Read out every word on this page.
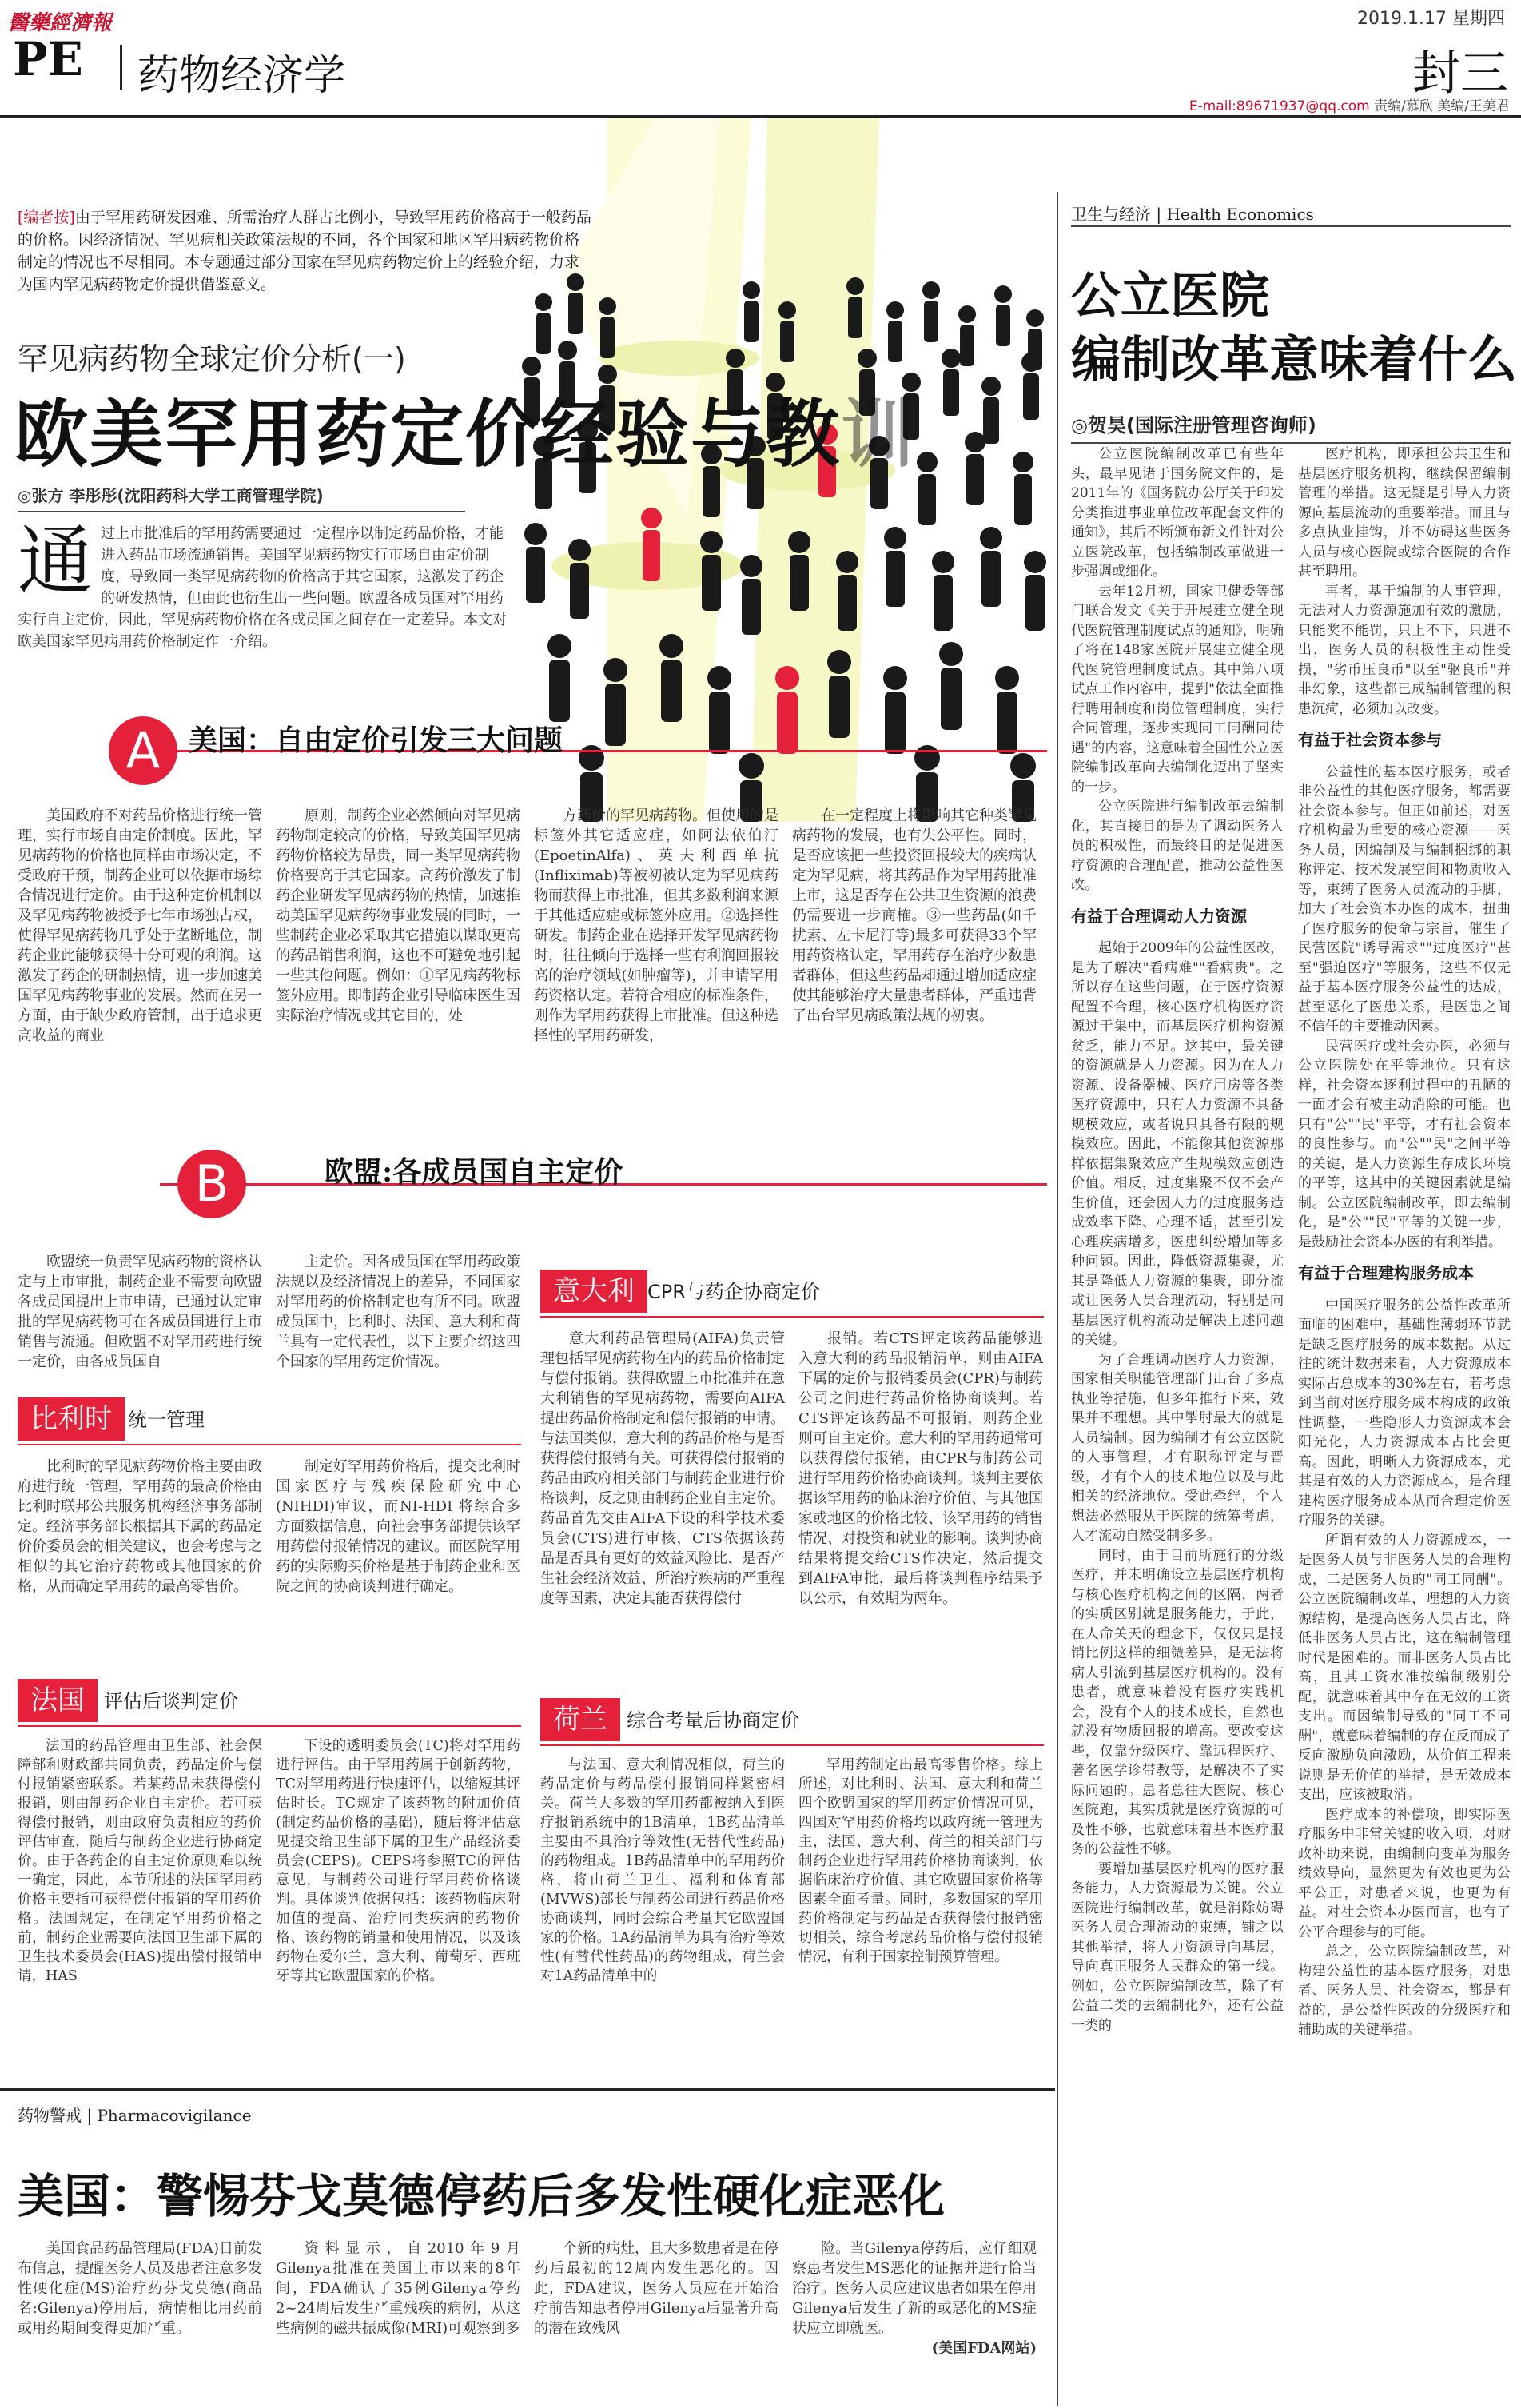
醫藥經濟報	2019.1.17 星期四
PE 药物经济学	封三
E-mail:89671937@qq.com 责编/慕欣 美编/王美君
[编者按]由于罕用药研发困难、所需治疗人群占比例小，导致罕用药价格高于一般药品的价格。因经济情况、罕见病相关政策法规的不同，各个国家和地区罕用病药物价格制定的情况也不尽相同。本专题通过部分国家在罕见病药物定价上的经验介绍，力求为国内罕见病药物定价提供借鉴意义。
罕见病药物全球定价分析(一)
欧美罕用药定价经验与教训
◎张方 李彤彤(沈阳药科大学工商管理学院)
通过上市批准后的罕用药需要通过一定程序以制定药品价格，才能进入药品市场流通销售。美国罕见病药物实行市场自由定价制度，导致同一类罕见病药物的价格高于其它国家，这激发了药企的研发热情，但由此也衍生出一些问题。欧盟各成员国对罕用药实行自主定价，因此，罕见病药物价格在各成员国之间存在一定差异。本文对欧美国家罕见病用药价格制定作一介绍。
A 美国：自由定价引发三大问题

美国政府不对药品价格进行统一管理，实行市场自由定价制度。因此，罕见病药物的价格也同样由市场决定，不受政府干预，制药企业可以依据市场综合情况进行定价。由于这种定价机制以及罕见病药物被授予七年市场独占权，使得罕见病药物几乎处于垄断地位，制药企业此能够获得十分可观的利润。这激发了药企的研制热情，进一步加速美国罕见病药物事业的发展。然而在另一方面，由于缺少政府管制，出于追求更高收益的商业

原则，制药企业必然倾向对罕见病药物制定较高的价格，导致美国罕见病药物价格较为昂贵，同一类罕见病药物价格要高于其它国家。高药价激发了制药企业研发罕见病药物的热情，加速推动美国罕见病药物事业发展的同时，一些制药企业必采取其它措施以谋取更高的药品销售利润，这也不可避免地引起一些其他问题。例如：①罕见病药物标签外应用。即制药企业引导临床医生因实际治疗情况或其它目的，处

方药价的罕见病药物。但使用的是标签外其它适应症，如阿法依伯汀(EpoetinAlfa)、英夫利西单抗(Infliximab)等被初被认定为罕见病药物而获得上市批准，但其多数利润来源于其他适应症或标签外应用。②选择性研发。制药企业在选择开发罕见病药物时，往往倾向于选择一些有利润回报较高的治疗领域(如肿瘤等)，并申请罕用药资格认定。若符合相应的标准条件，则作为罕用药获得上市批准。但这种选择性的罕用药研发，

在一定程度上将影响其它种类罕见病药物的发展，也有失公平性。同时，是否应该把一些投资回报较大的疾病认定为罕见病，将其药品作为罕用药批准上市，这是否存在公共卫生资源的浪费仍需要进一步商榷。③一些药品(如千扰素、左卡尼汀等)最多可获得33个罕用药资格认定，罕用药存在治疗少数患者群体，但这些药品却通过增加适应症使其能够治疗大量患者群体，严重违背了出台罕见病政策法规的初衷。

B	欧盟:各成员国自主定价

欧盟统一负责罕见病药物的资格认定与上市审批，制药企业不需要向欧盟各成员国提出上市申请，已通过认定审批的罕见病药物可在各成员国进行上市销售与流通。但欧盟不对罕用药进行统一定价，由各成员国自

主定价。因各成员国在罕用药政策法规以及经济情况上的差异，不同国家对罕用药的价格制定也有所不同。欧盟成员国中，比利时、法国、意大利和荷兰具有一定代表性，以下主要介绍这四个国家的罕用药定价情况。

比利时 统一管理

比利时的罕见病药物价格主要由政府进行统一管理，罕用药的最高价格由比利时联邦公共服务机构经济事务部制定。经济事务部长根据其下属的药品定价价委员会的相关建议，也会考虑与之相似的其它治疗药物或其他国家的价格，从而确定罕用药的最高零售价。

制定好罕用药价格后，提交比利时国家医疗与残疾保险研究中心(NIHDI)审议，而NI-HDI 将综合多方面数据信息，向社会事务部提供该罕用药偿付报销情况的建议。而医院罕用药的实际购买价格是基于制药企业和医院之间的协商谈判进行确定。

法国	评估后谈判定价

法国的药品管理由卫生部、社会保障部和财政部共同负责，药品定价与偿付报销紧密联系。若某药品未获得偿付报销，则由制药企业自主定价。若可获得偿付报销，则由政府负责相应的药价评估审查，随后与制药企业进行协商定价。由于各药企的自主定价原则难以统一确定，因此，本节所述的法国罕用药价格主要指可获得偿付报销的罕用药价格。法国规定，在制定罕用药价格之前，制药企业需要向法国卫生部下属的卫生技术委员会(HAS)提出偿付报销申请，HAS

下设的透明委员会(TC)将对罕用药进行评估。由于罕用药属于创新药物，TC对罕用药进行快速评估，以缩短其评估时长。TC规定了该药物的附加价值(制定药品价格的基础)，随后将评估意见提交给卫生部下属的卫生产品经济委员会(CEPS)。CEPS将参照TC的评估意见，与制药公司进行罕用药价格谈判。具体谈判依据包括：该药物临床附加值的提高、治疗同类疾病的药物价格、该药物的销量和使用情况，以及该药物在爱尔兰、意大利、葡萄牙、西班牙等其它欧盟国家的价格。

意大利 CPR与药企协商定价

意大利药品管理局(AIFA)负责管理包括罕见病药物在内的药品价格制定与偿付报销。获得欧盟上市批准并在意大利销售的罕见病药物，需要向AIFA提出药品价格制定和偿付报销的申请。与法国类似，意大利的药品价格与是否获得偿付报销有关。可获得偿付报销的药品由政府相关部门与制药企业进行价格谈判，反之则由制药企业自主定价。药品首先交由AIFA下设的科学技术委员会(CTS)进行审核，CTS依据该药品是否具有更好的效益风险比、是否产生社会经济效益、所治疗疾病的严重程度等因素，决定其能否获得偿付

报销。若CTS评定该药品能够进入意大利的药品报销清单，则由AIFA下属的定价与报销委员会(CPR)与制药公司之间进行药品价格协商谈判。若CTS评定该药品不可报销，则药企业则可自主定价。意大利的罕用药通常可以获得偿付报销，由CPR与制药公司进行罕用药价格协商谈判。谈判主要依据该罕用药的临床治疗价值、与其他国家或地区的价格比较、该罕用药的销售情况、对投资和就业的影响。谈判协商结果将提交给CTS作决定，然后提交到AIFA审批，最后将谈判程序结果予以公示，有效期为两年。

荷兰	综合考量后协商定价

与法国、意大利情况相似，荷兰的药品定价与药品偿付报销同样紧密相关。荷兰大多数的罕用药都被纳入到医疗报销系统中的1B清单，1B药品清单主要由不具治疗等效性(无替代性药品)的药物组成。1B药品清单中的罕用药价格，将由荷兰卫生、福利和体育部(MVWS)部长与制药公司进行药品价格协商谈判，同时会综合考量其它欧盟国家的价格。1A药品清单为具有治疗等效性(有替代性药品)的药物组成，荷兰会对1A药品清单中的

罕用药制定出最高零售价格。综上所述，对比利时、法国、意大利和荷兰四个欧盟国家的罕用药定价情况可见，四国对罕用药价格均以政府统一管理为主，法国、意大利、荷兰的相关部门与制药企业进行罕用药价格协商谈判，依据临床治疗价值、其它欧盟国家价格等因素全面考量。同时，多数国家的罕用药价格制定与药品是否获得偿付报销密切相关，综合考虑药品价格与偿付报销情况，有利于国家控制预算管理。

卫生与经济 | Health Economics
公立医院
编制改革意味着什么
◎贺昊(国际注册管理咨询师)

公立医院编制改革已有些年头，最早见诸于国务院文件的，是2011年的《国务院办公厅关于印发分类推进事业单位改革配套文件的通知》，其后不断颁布新文件针对公立医院改革，包括编制改革做进一步强调或细化。

去年12月初，国家卫健委等部门联合发文《关于开展建立健全现代医院管理制度试点的通知》，明确了将在148家医院开展建立健全现代医院管理制度试点。其中第八项试点工作内容中，提到"依法全面推行聘用制度和岗位管理制度，实行合同管理，逐步实现同工同酬同待遇"的内容，这意味着全国性公立医院编制改革向去编制化迈出了坚实的一步。

公立医院进行编制改革去编制化，其直接目的是为了调动医务人员的积极性，而最终目的是促进医疗资源的合理配置，推动公益性医改。

有益于合理调动人力资源

起始于2009年的公益性医改，是为了解决"看病难""看病贵"。之所以存在这些问题，在于医疗资源配置不合理，核心医疗机构医疗资源过于集中，而基层医疗机构资源贫乏，能力不足。这其中，最关键的资源就是人力资源。因为在人力资源、设备器械、医疗用房等各类医疗资源中，只有人力资源不具备规模效应，或者说只具备有限的规模效应。因此，不能像其他资源那样依据集聚效应产生规模效应创造价值。相反，过度集聚不仅不会产生价值，还会因人力的过度服务造成效率下降、心理不适，甚至引发心理疾病增多，医患纠纷增加等多种问题。因此，降低资源集聚，尤其是降低人力资源的集聚，即分流或让医务人员合理流动，特别是向基层医疗机构流动是解决上述问题的关键。

为了合理调动医疗人力资源，国家相关职能管理部门出台了多点执业等措施，但多年推行下来，效果并不理想。其中掣肘最大的就是人员编制。因为编制才有公立医院的人事管理，才有职称评定与晋级，才有个人的技术地位以及与此相关的经济地位。受此牵绊，个人想法必然服从于医院的统筹考虑，人才流动自然受制多多。

同时，由于目前所施行的分级医疗，并未明确设立基层医疗机构与核心医疗机构之间的区隔，两者的实质区别就是服务能力，于此，在人命关天的理念下，仅仅只是报销比例这样的细微差异，是无法将病人引流到基层医疗机构的。没有患者，就意味着没有医疗实践机会，没有个人的技术成长，自然也就没有物质回报的增高。要改变这些，仅靠分级医疗、靠远程医疗、著名医学诊带教等，是解决不了实际问题的。患者总往大医院、核心医院跑，其实质就是医疗资源的可及性不够，也就意味着基本医疗服务的公益性不够。

要增加基层医疗机构的医疗服务能力，人力资源最为关键。公立医院进行编制改革，就是消除妨碍医务人员合理流动的束缚，铺之以其他举措，将人力资源导向基层，导向真正服务人民群众的第一线。例如，公立医院编制改革，除了有公益二类的去编制化外，还有公益一类的

医疗机构，即承担公共卫生和基层医疗服务机构，继续保留编制管理的举措。这无疑是引导人力资源向基层流动的重要举措。而且与多点执业挂钩，并不妨碍这些医务人员与核心医院或综合医院的合作甚至聘用。

再者，基于编制的人事管理，无法对人力资源施加有效的激励，只能奖不能罚，只上不下，只进不出，医务人员的积极性主动性受损，"劣币压良币"以至"驱良币"并非幻象，这些都已成编制管理的积患沉疴，必须加以改变。

有益于社会资本参与

公益性的基本医疗服务，或者非公益性的其他医疗服务，都需要社会资本参与。但正如前述，对医疗机构最为重要的核心资源——医务人员，因编制及与编制捆绑的职称评定、技术发展空间和物质收入等，束缚了医务人员流动的手脚，加大了社会资本办医的成本，扭曲了医疗服务的使命与宗旨，催生了民营医院"诱导需求""过度医疗"甚至"强迫医疗"等服务，这些不仅无益于基本医疗服务公益性的达成，甚至恶化了医患关系，是医患之间不信任的主要推动因素。

民营医疗或社会办医，必须与公立医院处在平等地位。只有这样，社会资本逐利过程中的丑陋的一面才会有被主动消除的可能。也只有"公""民"平等，才有社会资本的良性参与。而"公""民"之间平等的关键，是人力资源生存成长环境的平等，这其中的关键因素就是编制。公立医院编制改革，即去编制化，是"公""民"平等的关键一步，是鼓励社会资本办医的有利举措。

有益于合理建构服务成本

中国医疗服务的公益性改革所面临的困难中，基础性薄弱环节就是缺乏医疗服务的成本数据。从过往的统计数据来看，人力资源成本实际占总成本的30%左右，若考虑到当前对医疗服务成本构成的政策性调整，一些隐形人力资源成本会阳光化，人力资源成本占比会更高。因此，明晰人力资源成本，尤其是有效的人力资源成本，是合理建构医疗服务成本从而合理定价医疗服务的关键。

所谓有效的人力资源成本，一是医务人员与非医务人员的合理构成，二是医务人员的"同工同酬"。公立医院编制改革，理想的人力资源结构，是提高医务人员占比，降低非医务人员占比，这在编制管理时代是困难的。而非医务人员占比高，且其工资水准按编制级别分配，就意味着其中存在无效的工资支出。而因编制导致的"同工不同酬"，就意味着编制的存在反而成了反向激励负向激励，从价值工程来说则是无价值的举措，是无效成本支出，应该被取消。

医疗成本的补偿项，即实际医疗服务中非常关键的收入项，对财政补助来说，由编制向变革为服务绩效导向，显然更为有效也更为公平公正，对患者来说，也更为有益。对社会资本办医而言，也有了公平合理参与的可能。

总之，公立医院编制改革，对构建公益性的基本医疗服务，对患者、医务人员、社会资本，都是有益的，是公益性医改的分级医疗和辅助成的关键举措。

药物警戒 | Pharmacovigilance
美国：警惕芬戈莫德停药后多发性硬化症恶化

美国食品药品管理局(FDA)日前发布信息，提醒医务人员及患者注意多发性硬化症(MS)治疗药芬戈莫德(商品名:Gilenya)停用后，病情相比用药前或用药期间变得更加严重。

资料显示，自2010年9月Gilenya批准在美国上市以来的8年间，FDA确认了35例Gilenya停药2~24周后发生严重残疾的病例，从这些病例的磁共振成像(MRI)可观察到多

个新的病灶，且大多数患者是在停药后最初的12周内发生恶化的。因此，FDA建议，医务人员应在开始治疗前告知患者停用Gilenya后显著升高的潜在致残风

险。当Gilenya停药后，应仔细观察患者发生MS恶化的证据并进行恰当治疗。医务人员应建议患者如果在停用Gilenya后发生了新的或恶化的MS症状应立即就医。

(美国FDA网站)
